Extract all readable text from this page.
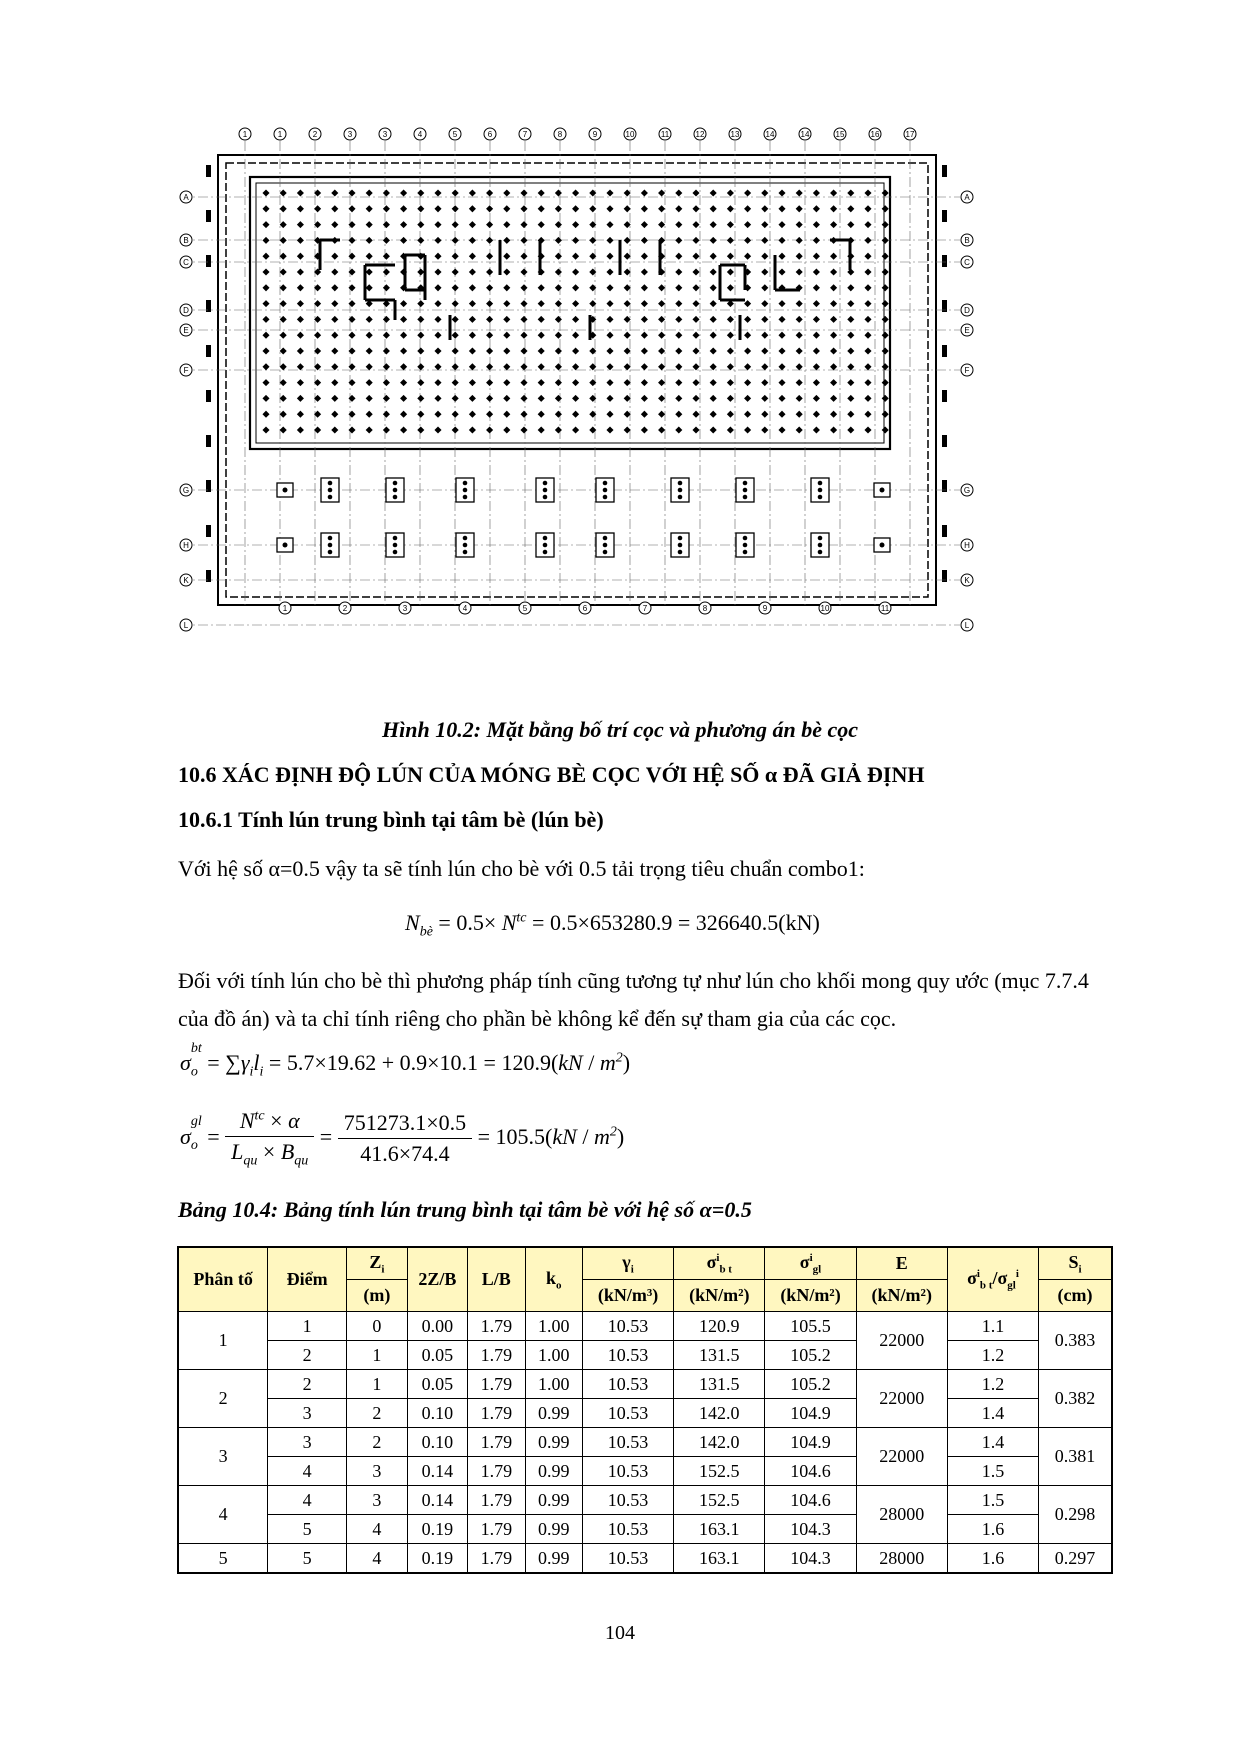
1	1	2	3	3	4	5	6	7	8	9	10	11	12	13	14	14	15	16	17
1	2	3	4	5	6	7	8	9	10	11
A	A
B	B
C	C
D	D
E	E
F	F
G	G
H	H
K	K
L	L
Hình 10.2: Mặt bằng bố trí cọc và phương án bè cọc
10.6 XÁC ĐỊNH ĐỘ LÚN CỦA MÓNG BÈ CỌC VỚI HỆ SỐ α ĐÃ GIẢ ĐỊNH
10.6.1 Tính lún trung bình tại tâm bè (lún bè)
Với hệ số α=0.5 vậy ta sẽ tính lún cho bè với 0.5 tải trọng tiêu chuẩn combo1:
$N_{bè} = 0.5\times N^{tc} = 0.5\times 653280.9 = 326640.5(kN)$
Đối với tính lún cho bè thì phương pháp tính cũng tương tự như lún cho khối mong quy ước (mục 7.7.4 của đồ án) và ta chỉ tính riêng cho phần bè không kể đến sự tham gia của các cọc.
$\sigma_o^{bt} = \sum\gamma_il_i = 5.7\times 19.62 + 0.9\times 10.1 = 120.9(kN / m^2)$
$\sigma_o^{gl} = \frac{N^{tc} \times \alpha}{L_{qu} \times B_{qu}} = \frac{751273.1\times 0.5}{41.6\times 74.4} = 105.5(kN / m^2)$
Bảng 10.4: Bảng tính lún trung bình tại tâm bè với hệ số α=0.5
Phân tố	Điểm	$Z_i$	2Z/B	L/B	$k_o$	$\gamma_i$	$\sigma^i_{b t}$	$\sigma^i_{gl}$	E	$\sigma^i_{b t}/\sigma_{gl}^i$	$S_i$
		(m)				(kN/m³)	(kN/m²)	(kN/m²)	(kN/m²)		(cm)
1	1	0	0.00	1.79	1.00	10.53	120.9	105.5	22000	1.1	0.383
	2	1	0.05	1.79	1.00	10.53	131.5	105.2		1.2	
2	2	1	0.05	1.79	1.00	10.53	131.5	105.2	22000	1.2	0.382
	3	2	0.10	1.79	0.99	10.53	142.0	104.9		1.4	
3	3	2	0.10	1.79	0.99	10.53	142.0	104.9	22000	1.4	0.381
	4	3	0.14	1.79	0.99	10.53	152.5	104.6		1.5	
4	4	3	0.14	1.79	0.99	10.53	152.5	104.6	28000	1.5	0.298
	5	4	0.19	1.79	0.99	10.53	163.1	104.3		1.6	
5	5	4	0.19	1.79	0.99	10.53	163.1	104.3	28000	1.6	0.297
104
